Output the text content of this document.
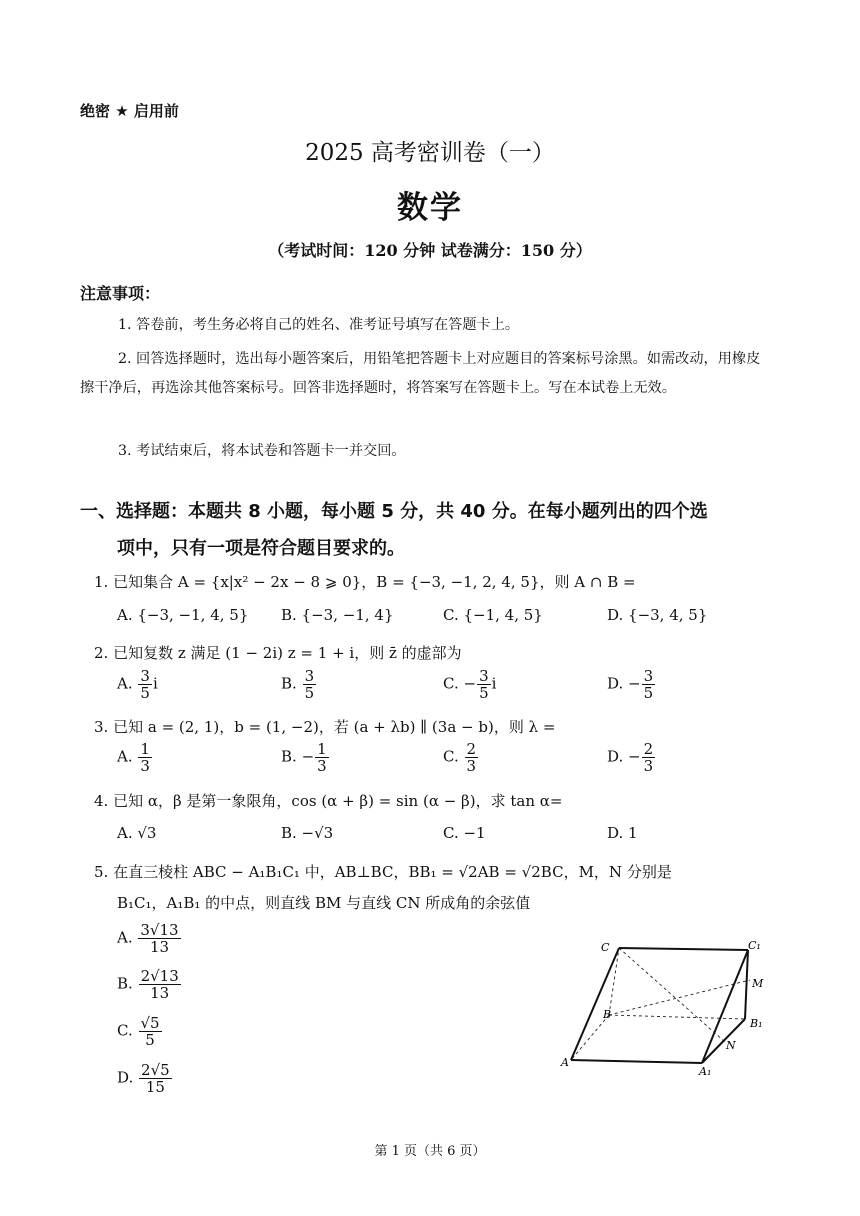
绝密 ★ 启用前
2025 高考密训卷（一）
数学
（考试时间：120 分钟 试卷满分：150 分）
注意事项：
1. 答卷前，考生务必将自己的姓名、准考证号填写在答题卡上。
2. 回答选择题时，选出每小题答案后，用铅笔把答题卡上对应题目的答案标号涂黑。如需改动，用橡皮擦干净后，再选涂其他答案标号。回答非选择题时，将答案写在答题卡上。写在本试卷上无效。
3. 考试结束后，将本试卷和答题卡一并交回。
一、选择题：本题共 8 小题，每小题 5 分，共 40 分。在每小题列出的四个选
项中，只有一项是符合题目要求的。
1. 已知集合 A = {x|x² − 2x − 8 ⩾ 0}，B = {−3, −1, 2, 4, 5}，则 A ∩ B =
A. {−3, −1, 4, 5} B. {−3, −1, 4}	C. {−1, 4, 5}	D. {−3, 4, 5}
2. 已知复数 z 满足 (1 − 2i) z = 1 + i，则 z̄ 的虚部为
A. $\frac{3}{5}$ i	B. $\frac{3}{5}$	C. − $\frac{3}{5}$ i	D. − $\frac{3}{5}$
3. 已知 a = (2, 1)，b = (1, −2)，若 (a + λb) ∥ (3a − b)，则 λ =
A. $\frac{1}{3}$	B. − $\frac{1}{3}$	C. $\frac{2}{3}$	D. − $\frac{2}{3}$
4. 已知 α，β 是第一象限角，cos (α + β) = sin (α − β)，求 tan α=
A. √3	B. −√3	C. −1	D. 1
5. 在直三棱柱 ABC − A₁B₁C₁ 中，AB⊥BC，BB₁ = √2AB = √2BC，M，N 分别是
B₁C₁，A₁B₁ 的中点，则直线 BM 与直线 CN 所成角的余弦值
A. $\frac{3√13}{13}$
B. $\frac{2√13}{13}$
C. $\frac{√5}{5}$
D. $\frac{2√5}{15}$
C	C₁
M
B
B₁
N
A
A₁
第 1 页（共 6 页）
